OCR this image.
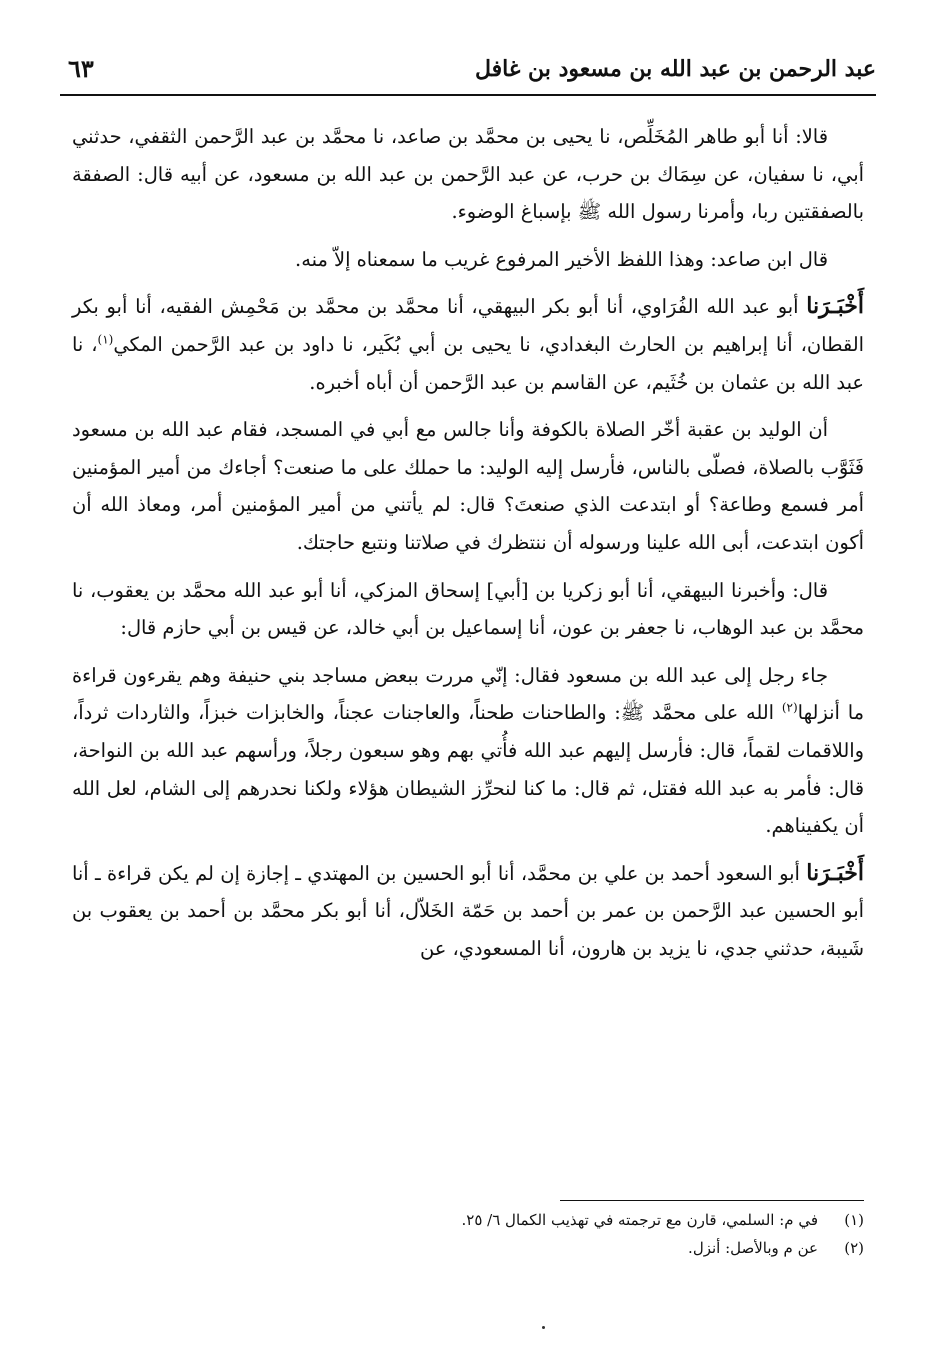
عبد الرحمن بن عبد الله بن مسعود بن غافل
٦٣

قالا: أنا أبو طاهر المُخَلِّص، نا يحيى بن محمَّد بن صاعد، نا محمَّد بن عبد الرَّحمن الثقفي، حدثني أبي، نا سفيان، عن سِمَاك بن حرب، عن عبد الرَّحمن بن عبد الله بن مسعود، عن أبيه قال: الصفقة بالصفقتين ربا، وأمرنا رسول الله ﷺ بإسباغ الوضوء.

قال ابن صاعد: وهذا اللفظ الأخير المرفوع غريب ما سمعناه إلاّ منه.

أَخْبَـرَنا أبو عبد الله الفُرَاوي، أنا أبو بكر البيهقي، أنا محمَّد بن محمَّد بن مَحْمِش الفقيه، أنا أبو بكر القطان، أنا إبراهيم بن الحارث البغدادي، نا يحيى بن أبي بُكَير، نا داود بن عبد الرَّحمن المكي$^{(١)}$، نا عبد الله بن عثمان بن خُثَيم، عن القاسم بن عبد الرَّحمن أن أباه أخبره.

أن الوليد بن عقبة أخّر الصلاة بالكوفة وأنا جالس مع أبي في المسجد، فقام عبد الله بن مسعود فَثَوَّب بالصلاة، فصلّى بالناس، فأرسل إليه الوليد: ما حملك على ما صنعت؟ أجاءك من أمير المؤمنين أمر فسمع وطاعة؟ أو ابتدعت الذي صنعتَ؟ قال: لم يأتني من أمير المؤمنين أمر، ومعاذ الله أن أكون ابتدعت، أبى الله علينا ورسوله أن ننتظرك في صلاتنا ونتبع حاجتك.

قال: وأخبرنا البيهقي، أنا أبو زكريا بن [أبي] إسحاق المزكي، أنا أبو عبد الله محمَّد بن يعقوب، نا محمَّد بن عبد الوهاب، نا جعفر بن عون، أنا إسماعيل بن أبي خالد، عن قيس بن أبي حازم قال:

جاء رجل إلى عبد الله بن مسعود فقال: إنّي مررت ببعض مساجد بني حنيفة وهم يقرءون قراءة ما أنزلها$^{(٢)}$ الله على محمَّد ﷺ: والطاحنات طحناً، والعاجنات عجناً، والخابزات خبزاً، والثاردات ثرداً، واللاقمات لقماً، قال: فأرسل إليهم عبد الله فأُتي بهم وهو سبعون رجلاً، ورأسهم عبد الله بن النواحة، قال: فأمر به عبد الله فقتل، ثم قال: ما كنا لنحرِّز الشيطان هؤلاء ولكنا نحدرهم إلى الشام، لعل الله أن يكفيناهم.

أَخْبَـرَنا أبو السعود أحمد بن علي بن محمَّد، أنا أبو الحسين بن المهتدي ـ إجازة إن لم يكن قراءة ـ أنا أبو الحسين عبد الرَّحمن بن عمر بن أحمد بن حَمّة الخَلاّل، أنا أبو بكر محمَّد بن أحمد بن يعقوب بن شَيبة، حدثني جدي، نا يزيد بن هارون، أنا المسعودي، عن

(١)في م: السلمي، قارن مع ترجمته في تهذيب الكمال ٦/ ٢٥.

(٢)عن م وبالأصل: أنزل.
